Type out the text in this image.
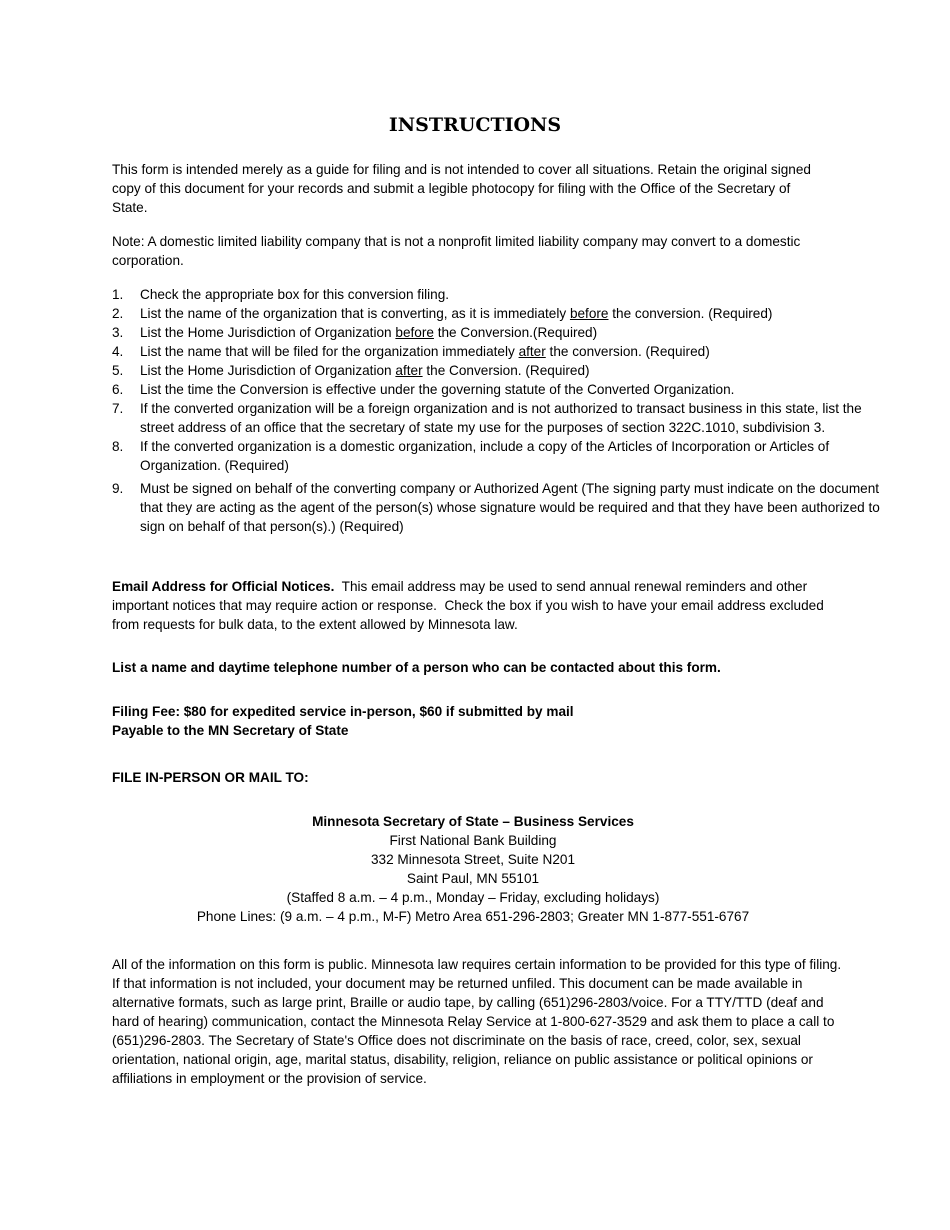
INSTRUCTIONS

This form is intended merely as a guide for filing and is not intended to cover all situations. Retain the original signed copy of this document for your records and submit a legible photocopy for filing with the Office of the Secretary of State.

Note: A domestic limited liability company that is not a nonprofit limited liability company may convert to a domestic corporation.

1. Check the appropriate box for this conversion filing.
2. List the name of the organization that is converting, as it is immediately before the conversion. (Required)
3. List the Home Jurisdiction of Organization before the Conversion.(Required)
4. List the name that will be filed for the organization immediately after the conversion. (Required)
5. List the Home Jurisdiction of Organization after the Conversion. (Required)
6. List the time the Conversion is effective under the governing statute of the Converted Organization.
7. If the converted organization will be a foreign organization and is not authorized to transact business in this state, list the street address of an office that the secretary of state my use for the purposes of section 322C.1010, subdivision 3.
8. If the converted organization is a domestic organization, include a copy of the Articles of Incorporation or Articles of Organization. (Required)
9. Must be signed on behalf of the converting company or Authorized Agent (The signing party must indicate on the document that they are acting as the agent of the person(s) whose signature would be required and that they have been authorized to sign on behalf of that person(s).) (Required)

Email Address for Official Notices.  This email address may be used to send annual renewal reminders and other important notices that may require action or response.  Check the box if you wish to have your email address excluded from requests for bulk data, to the extent allowed by Minnesota law.

List a name and daytime telephone number of a person who can be contacted about this form.

Filing Fee: $80 for expedited service in-person, $60 if submitted by mail
Payable to the MN Secretary of State

FILE IN-PERSON OR MAIL TO:

Minnesota Secretary of State – Business Services
First National Bank Building
332 Minnesota Street, Suite N201
Saint Paul, MN 55101
(Staffed 8 a.m. – 4 p.m., Monday – Friday, excluding holidays)
Phone Lines: (9 a.m. – 4 p.m., M-F) Metro Area 651-296-2803; Greater MN 1-877-551-6767

All of the information on this form is public. Minnesota law requires certain information to be provided for this type of filing. If that information is not included, your document may be returned unfiled. This document can be made available in alternative formats, such as large print, Braille or audio tape, by calling (651)296-2803/voice. For a TTY/TTD (deaf and hard of hearing) communication, contact the Minnesota Relay Service at 1-800-627-3529 and ask them to place a call to (651)296-2803. The Secretary of State's Office does not discriminate on the basis of race, creed, color, sex, sexual orientation, national origin, age, marital status, disability, religion, reliance on public assistance or political opinions or affiliations in employment or the provision of service.
